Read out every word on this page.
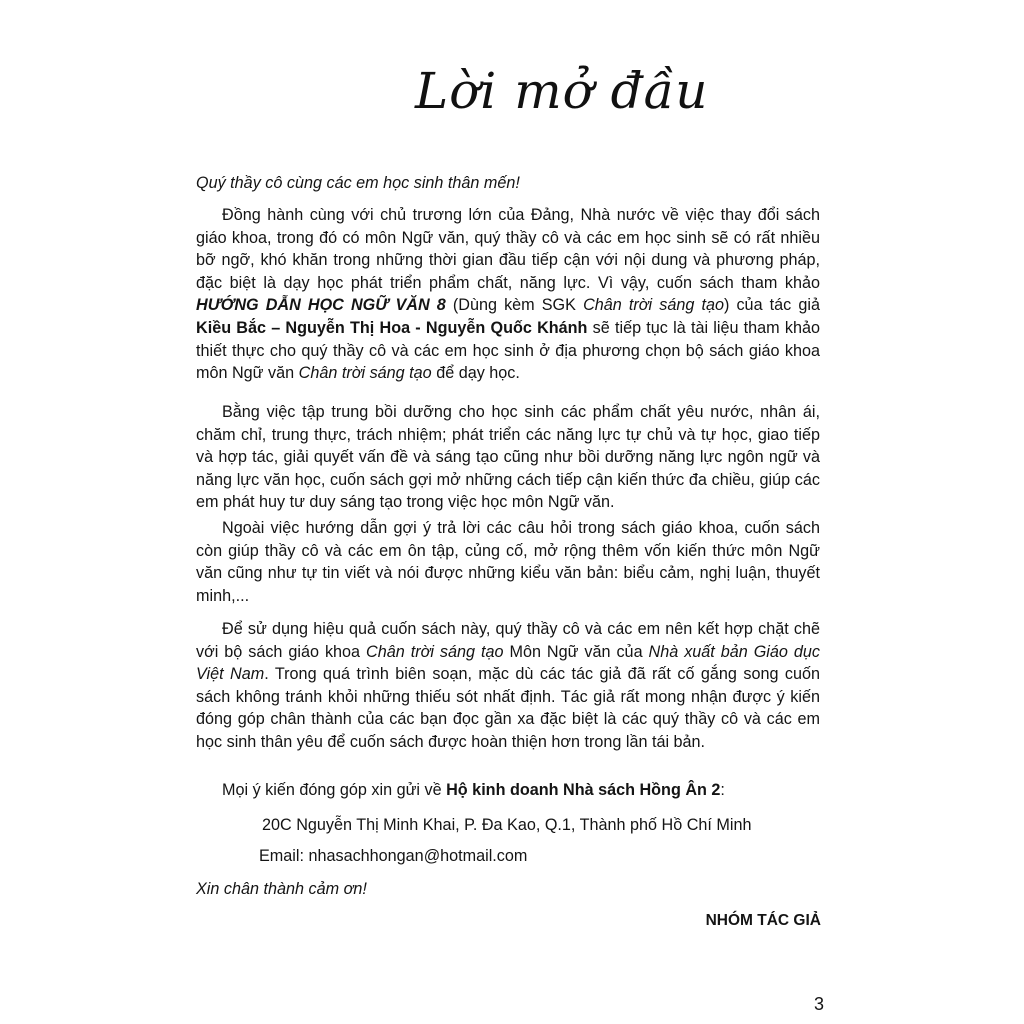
Lời mở đầu
Quý thầy cô cùng các em học sinh thân mến!
Đồng hành cùng với chủ trương lớn của Đảng, Nhà nước về việc thay đổi sách giáo khoa, trong đó có môn Ngữ văn, quý thầy cô và các em học sinh sẽ có rất nhiều bỡ ngỡ, khó khăn trong những thời gian đầu tiếp cận với nội dung và phương pháp, đặc biệt là dạy học phát triển phẩm chất, năng lực. Vì vậy, cuốn sách tham khảo HƯỚNG DẪN HỌC NGỮ VĂN 8 (Dùng kèm SGK Chân trời sáng tạo) của tác giả Kiều Bắc – Nguyễn Thị Hoa - Nguyễn Quốc Khánh sẽ tiếp tục là tài liệu tham khảo thiết thực cho quý thầy cô và các em học sinh ở địa phương chọn bộ sách giáo khoa môn Ngữ văn Chân trời sáng tạo để dạy học.
Bằng việc tập trung bồi dưỡng cho học sinh các phẩm chất yêu nước, nhân ái, chăm chỉ, trung thực, trách nhiệm; phát triển các năng lực tự chủ và tự học, giao tiếp và hợp tác, giải quyết vấn đề và sáng tạo cũng như bồi dưỡng năng lực ngôn ngữ và năng lực văn học, cuốn sách gợi mở những cách tiếp cận kiến thức đa chiều, giúp các em phát huy tư duy sáng tạo trong việc học môn Ngữ văn.
Ngoài việc hướng dẫn gợi ý trả lời các câu hỏi trong sách giáo khoa, cuốn sách còn giúp thầy cô và các em ôn tập, củng cố, mở rộng thêm vốn kiến thức môn Ngữ văn cũng như tự tin viết và nói được những kiểu văn bản: biểu cảm, nghị luận, thuyết minh,...
Để sử dụng hiệu quả cuốn sách này, quý thầy cô và các em nên kết hợp chặt chẽ với bộ sách giáo khoa Chân trời sáng tạo Môn Ngữ văn của Nhà xuất bản Giáo dục Việt Nam. Trong quá trình biên soạn, mặc dù các tác giả đã rất cố gắng song cuốn sách không tránh khỏi những thiếu sót nhất định. Tác giả rất mong nhận được ý kiến đóng góp chân thành của các bạn đọc gần xa đặc biệt là các quý thầy cô và các em học sinh thân yêu để cuốn sách được hoàn thiện hơn trong lần tái bản.
Mọi ý kiến đóng góp xin gửi về Hộ kinh doanh Nhà sách Hồng Ân 2:
20C Nguyễn Thị Minh Khai, P. Đa Kao, Q.1, Thành phố Hồ Chí Minh
Email: nhasachhongan@hotmail.com
Xin chân thành cảm ơn!
NHÓM TÁC GIẢ
3
